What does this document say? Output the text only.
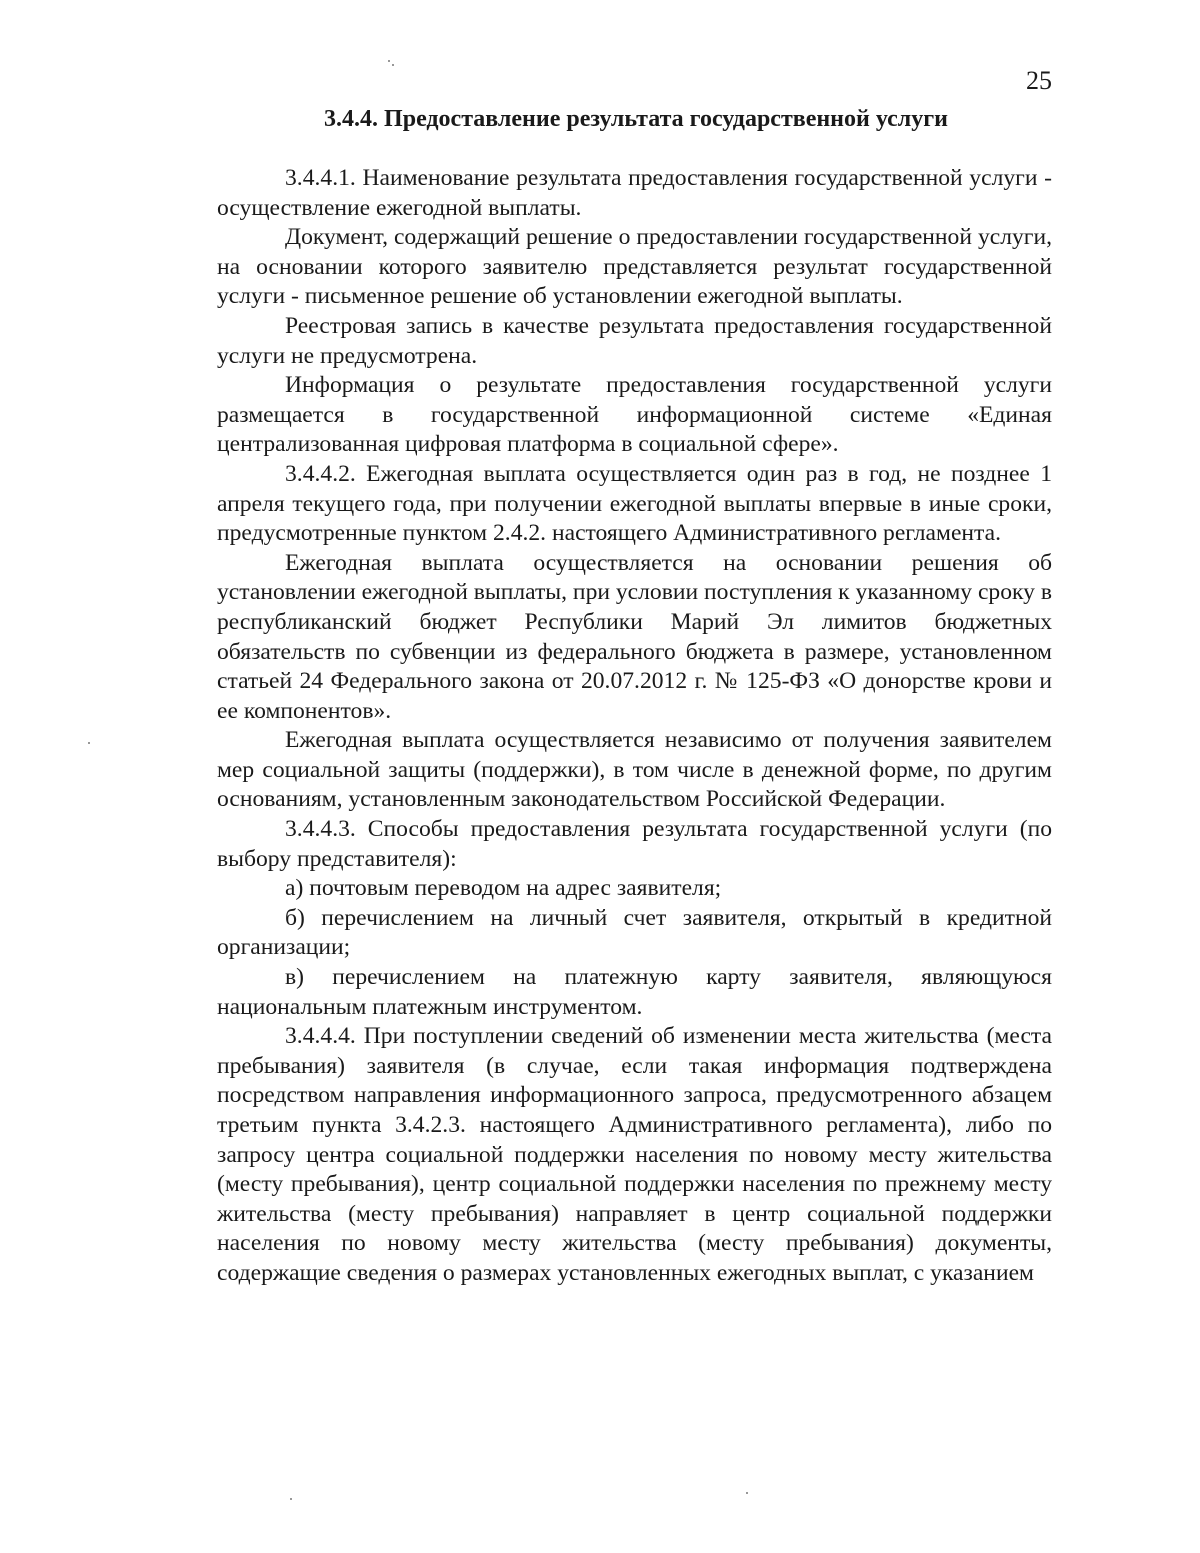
25
3.4.4. Предоставление результата государственной услуги

3.4.4.1. Наименование результата предоставления государственной услуги - осуществление ежегодной выплаты.

Документ, содержащий решение о предоставлении государственной услуги, на основании которого заявителю представляется результат государственной услуги - письменное решение об установлении ежегодной выплаты.

Реестровая запись в качестве результата предоставления государственной услуги не предусмотрена.

Информация о результате предоставления государственной услуги размещается в государственной информационной системе «Единая централизованная цифровая платформа в социальной сфере».

3.4.4.2. Ежегодная выплата осуществляется один раз в год, не позднее 1 апреля текущего года, при получении ежегодной выплаты впервые в иные сроки, предусмотренные пунктом 2.4.2. настоящего Административного регламента.

Ежегодная выплата осуществляется на основании решения об установлении ежегодной выплаты, при условии поступления к указанному сроку в республиканский бюджет Республики Марий Эл лимитов бюджетных обязательств по субвенции из федерального бюджета в размере, установленном статьей 24 Федерального закона от 20.07.2012 г. № 125-ФЗ «О донорстве крови и ее компонентов».

Ежегодная выплата осуществляется независимо от получения заявителем мер социальной защиты (поддержки), в том числе в денежной форме, по другим основаниям, установленным законодательством Российской Федерации.

3.4.4.3. Способы предоставления результата государственной услуги (по выбору представителя):

а) почтовым переводом на адрес заявителя;

б) перечислением на личный счет заявителя, открытый в кредитной организации;

в) перечислением на платежную карту заявителя, являющуюся национальным платежным инструментом.

3.4.4.4. При поступлении сведений об изменении места жительства (места пребывания) заявителя (в случае, если такая информация подтверждена посредством направления информационного запроса, предусмотренного абзацем третьим пункта 3.4.2.3. настоящего Административного регламента), либо по запросу центра социальной поддержки населения по новому месту жительства (месту пребывания), центр социальной поддержки населения по прежнему месту жительства (месту пребывания) направляет в центр социальной поддержки населения по новому месту жительства (месту пребывания) документы, содержащие сведения о размерах установленных ежегодных выплат, с указанием
